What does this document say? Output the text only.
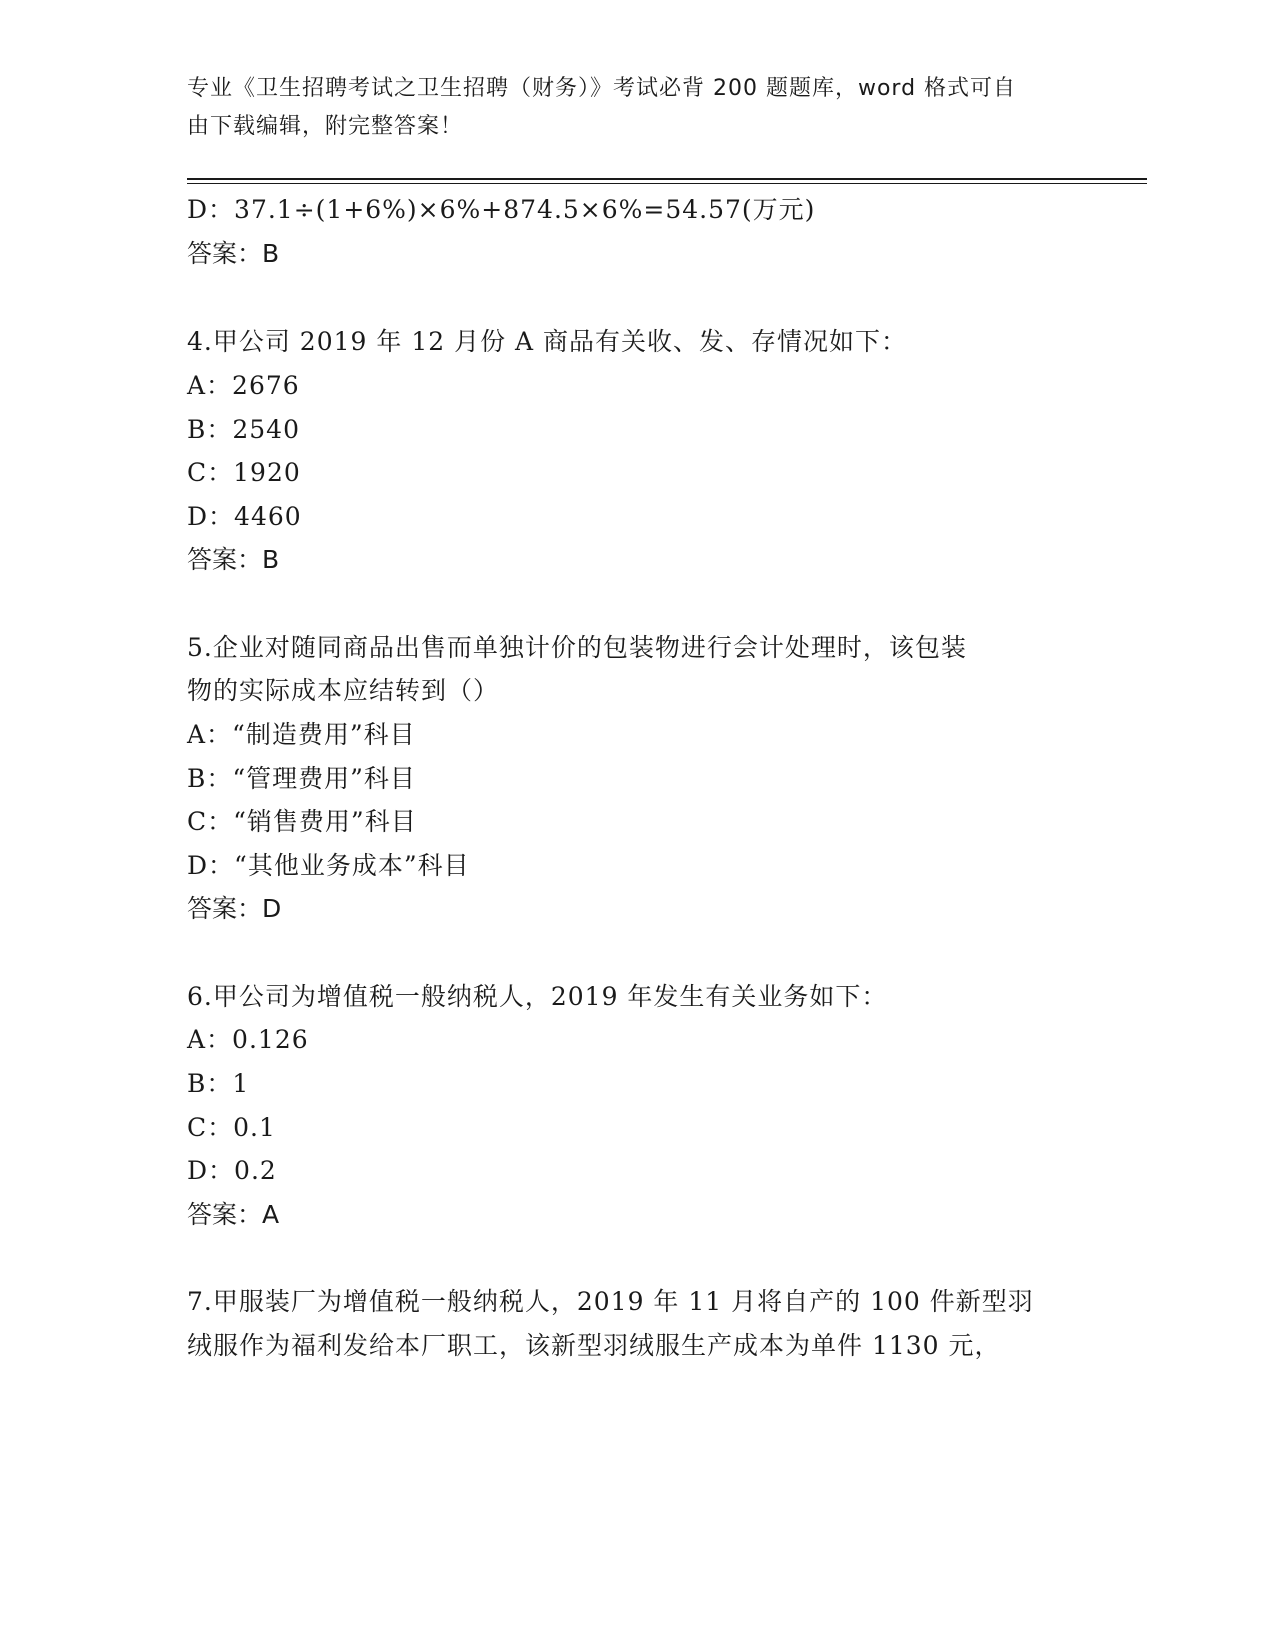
专业《卫生招聘考试之卫生招聘（财务）》考试必背 200 题题库，word 格式可自
由下载编辑，附完整答案！
D：37.1÷(1+6%)×6%+874.5×6%=54.57(万元)
答案：B
4.甲公司 2019 年 12 月份 A 商品有关收、发、存情况如下：
A：2676
B：2540
C：1920
D：4460
答案：B
5.企业对随同商品出售而单独计价的包装物进行会计处理时，该包装
物的实际成本应结转到（）
A：“制造费用”科目
B：“管理费用”科目
C：“销售费用”科目
D：“其他业务成本”科目
答案：D
6.甲公司为增值税一般纳税人，2019 年发生有关业务如下：
A：0.126
B：1
C：0.1
D：0.2
答案：A
7.甲服装厂为增值税一般纳税人，2019 年 11 月将自产的 100 件新型羽
绒服作为福利发给本厂职工，该新型羽绒服生产成本为单件 1130 元，
